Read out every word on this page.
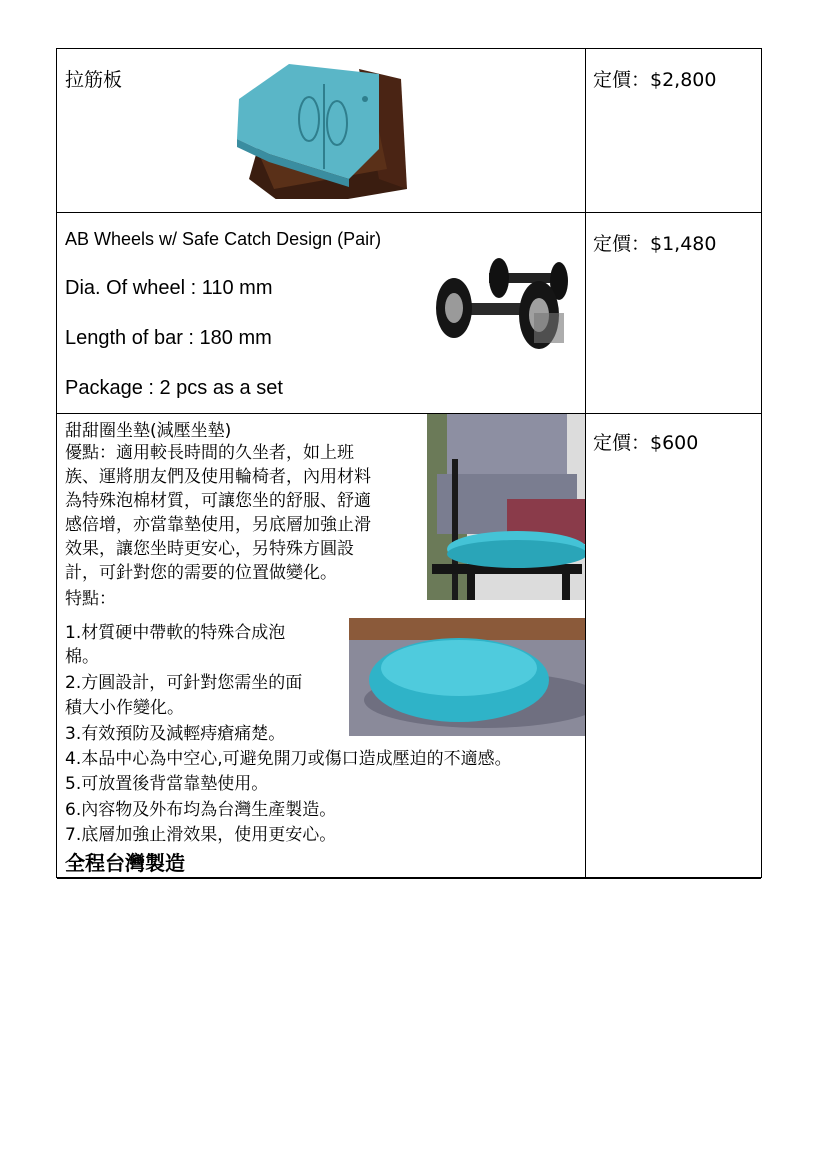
拉筋板	定價：$2,800
AB Wheels w/ Safe Catch Design (Pair)
Dia. Of wheel : 110 mm
Length of bar : 180 mm
Package : 2 pcs as a set
定價：$1,480
甜甜圈坐墊(減壓坐墊)
優點：適用較長時間的久坐者，如上班
族、運將朋友們及使用輪椅者，內用材料
為特殊泡棉材質，可讓您坐的舒服、舒適
感倍增，亦當靠墊使用，另底層加強止滑
效果，讓您坐時更安心，另特殊方圓設
計，可針對您的需要的位置做變化。
特點：
1.材質硬中帶軟的特殊合成泡
棉。
2.方圓設計，可針對您需坐的面
積大小作變化。
3.有效預防及減輕痔瘡痛楚。
4.本品中心為中空心,可避免開刀或傷口造成壓迫的不適感。
5.可放置後背當靠墊使用。
6.內容物及外布均為台灣生產製造。
7.底層加強止滑效果，使用更安心。
全程台灣製造
定價：$600
